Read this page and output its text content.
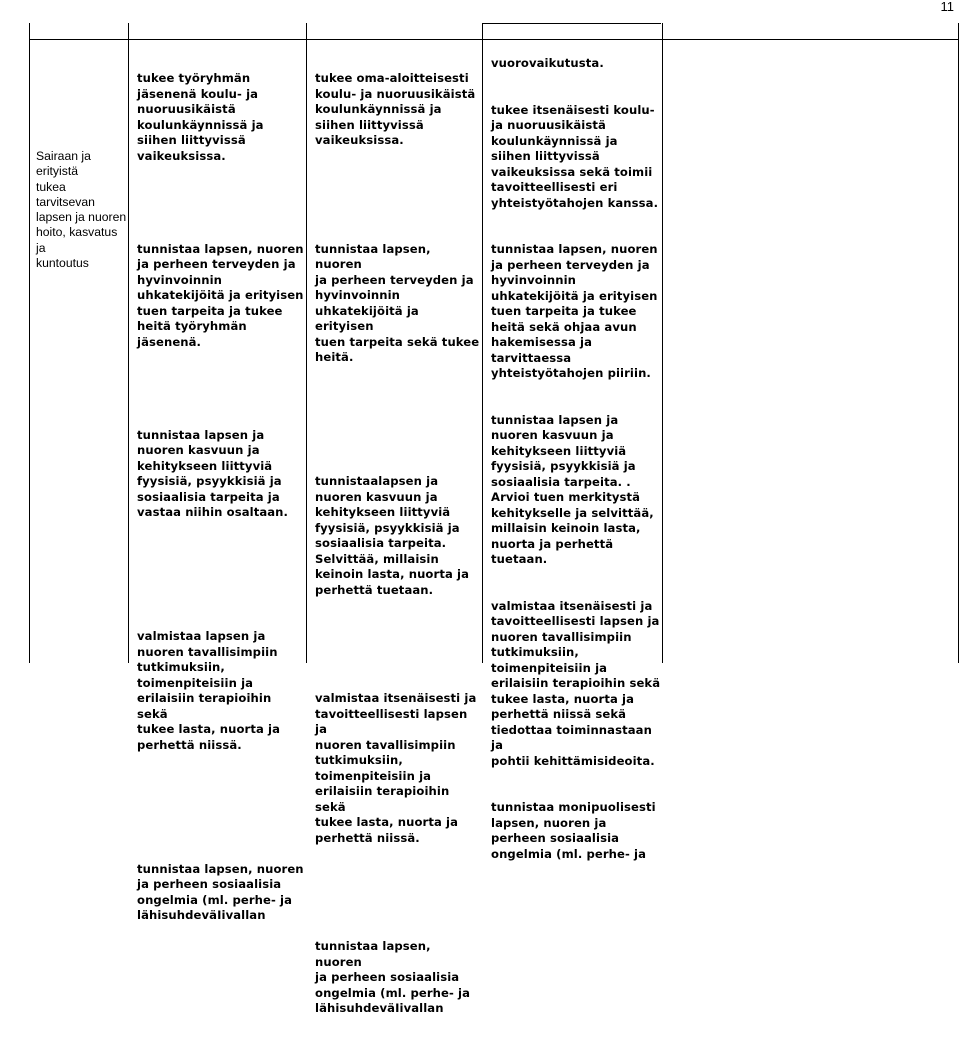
11
Sairaan ja erityistä
tukea tarvitsevan
lapsen ja nuoren
hoito, kasvatus ja
kuntoutus

tukee työryhmän
jäsenenä koulu- ja
nuoruusikäistä
koulunkäynnissä ja
siihen liittyvissä
vaikeuksissa.

tunnistaa lapsen, nuoren
ja perheen terveyden ja
hyvinvoinnin
uhkatekijöitä ja erityisen
tuen tarpeita ja tukee
heitä työryhmän
jäsenenä.

tunnistaa lapsen ja
nuoren kasvuun ja
kehitykseen liittyviä
fyysisiä, psyykkisiä ja
sosiaalisia tarpeita ja
vastaa niihin osaltaan.

valmistaa lapsen ja
nuoren tavallisimpiin
tutkimuksiin,
toimenpiteisiin ja
erilaisiin terapioihin sekä
tukee lasta, nuorta ja
perhettä niissä.

tunnistaa lapsen, nuoren
ja perheen sosiaalisia
ongelmia (ml. perhe- ja
lähisuhdeväIivallan

tukee oma-aloitteisesti
koulu- ja nuoruusikäistä
koulunkäynnissä ja
siihen liittyvissä
vaikeuksissa.

tunnistaa lapsen, nuoren
ja perheen terveyden ja
hyvinvoinnin
uhkatekijöitä ja erityisen
tuen tarpeita sekä tukee
heitä.

tunnistaalapsen ja
nuoren kasvuun ja
kehitykseen liittyviä
fyysisiä, psyykkisiä ja
sosiaalisia tarpeita.
Selvittää, millaisin
keinoin lasta, nuorta ja
perhettä tuetaan.

valmistaa itsenäisesti ja
tavoitteellisesti lapsen ja
nuoren tavallisimpiin
tutkimuksiin,
toimenpiteisiin ja
erilaisiin terapioihin sekä
tukee lasta, nuorta ja
perhettä niissä.

tunnistaa lapsen, nuoren
ja perheen sosiaalisia
ongelmia (ml. perhe- ja
lähisuhdeväIivallan

vuorovaikutusta.

tukee itsenäisesti koulu-
ja nuoruusikäistä
koulunkäynnissä ja
siihen liittyvissä
vaikeuksissa sekä toimii
tavoitteellisesti eri
yhteistyötahojen kanssa.

tunnistaa lapsen, nuoren
ja perheen terveyden ja
hyvinvoinnin
uhkatekijöitä ja erityisen
tuen tarpeita ja tukee
heitä sekä ohjaa avun
hakemisessa ja
tarvittaessa
yhteistyötahojen piiriin.

tunnistaa lapsen ja
nuoren kasvuun ja
kehitykseen liittyviä
fyysisiä, psyykkisiä ja
sosiaalisia tarpeita. .
Arvioi tuen merkitystä
kehitykselle ja selvittää,
millaisin keinoin lasta,
nuorta ja perhettä
tuetaan.

valmistaa itsenäisesti ja
tavoitteellisesti lapsen ja
nuoren tavallisimpiin
tutkimuksiin,
toimenpiteisiin ja
erilaisiin terapioihin sekä
tukee lasta, nuorta ja
perhettä niissä sekä
tiedottaa toiminnastaan ja
pohtii kehittämisideoita.

tunnistaa monipuolisesti
lapsen, nuoren ja
perheen sosiaalisia
ongelmia (ml. perhe- ja
